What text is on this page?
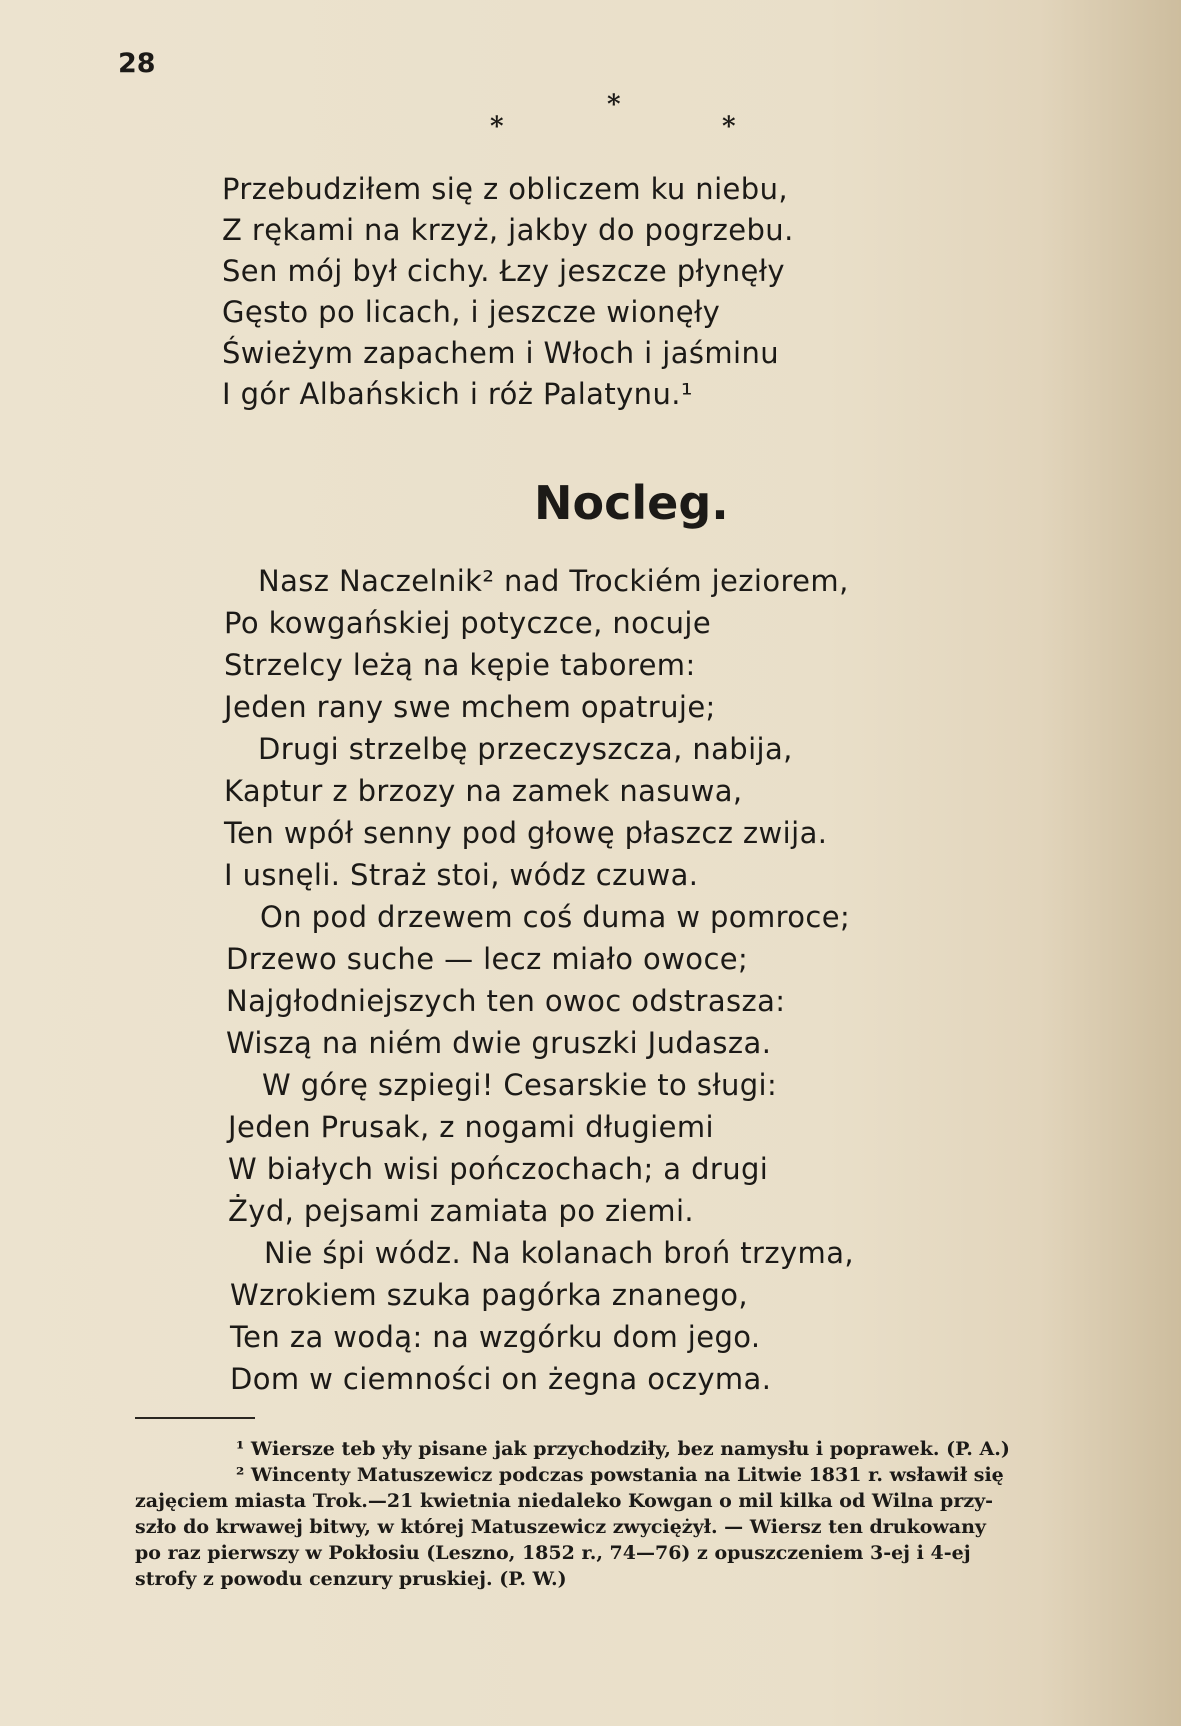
28
*
*
*
Przebudziłem się z obliczem ku niebu,
Z rękami na krzyż, jakby do pogrzebu.
Sen mój był cichy. Łzy jeszcze płynęły
Gęsto po licach, i jeszcze wionęły
Świeżym zapachem i Włoch i jaśminu
I gór Albańskich i róż Palatynu.¹
Nocleg.
Nasz Naczelnik² nad Trockiém jeziorem,
Po kowgańskiej potyczce, nocuje
Strzelcy leżą na kępie taborem:
Jeden rany swe mchem opatruje;
Drugi strzelbę przeczyszcza, nabija,
Kaptur z brzozy na zamek nasuwa,
Ten wpół senny pod głowę płaszcz zwija.
I usnęli. Straż stoi, wódz czuwa.
On pod drzewem coś duma w pomroce;
Drzewo suche — lecz miało owoce;
Najgłodniejszych ten owoc odstrasza:
Wiszą na niém dwie gruszki Judasza.
W górę szpiegi! Cesarskie to sługi:
Jeden Prusak, z nogami długiemi
W białych wisi pończochach; a drugi
Żyd, pejsami zamiata po ziemi.
Nie śpi wódz. Na kolanach broń trzyma,
Wzrokiem szuka pagórka znanego,
Ten za wodą: na wzgórku dom jego.
Dom w ciemności on żegna oczyma.
¹ Wiersze teb yły pisane jak przychodziły, bez namysłu i poprawek. (P. A.)
² Wincenty Matuszewicz podczas powstania na Litwie 1831 r. wsławił się
zajęciem miasta Trok.—21 kwietnia niedaleko Kowgan o mil kilka od Wilna przy-
szło do krwawej bitwy, w której Matuszewicz zwyciężył. — Wiersz ten drukowany
po raz pierwszy w Pokłosiu (Leszno, 1852 r., 74—76) z opuszczeniem 3-ej i 4-ej
strofy z powodu cenzury pruskiej. (P. W.)
